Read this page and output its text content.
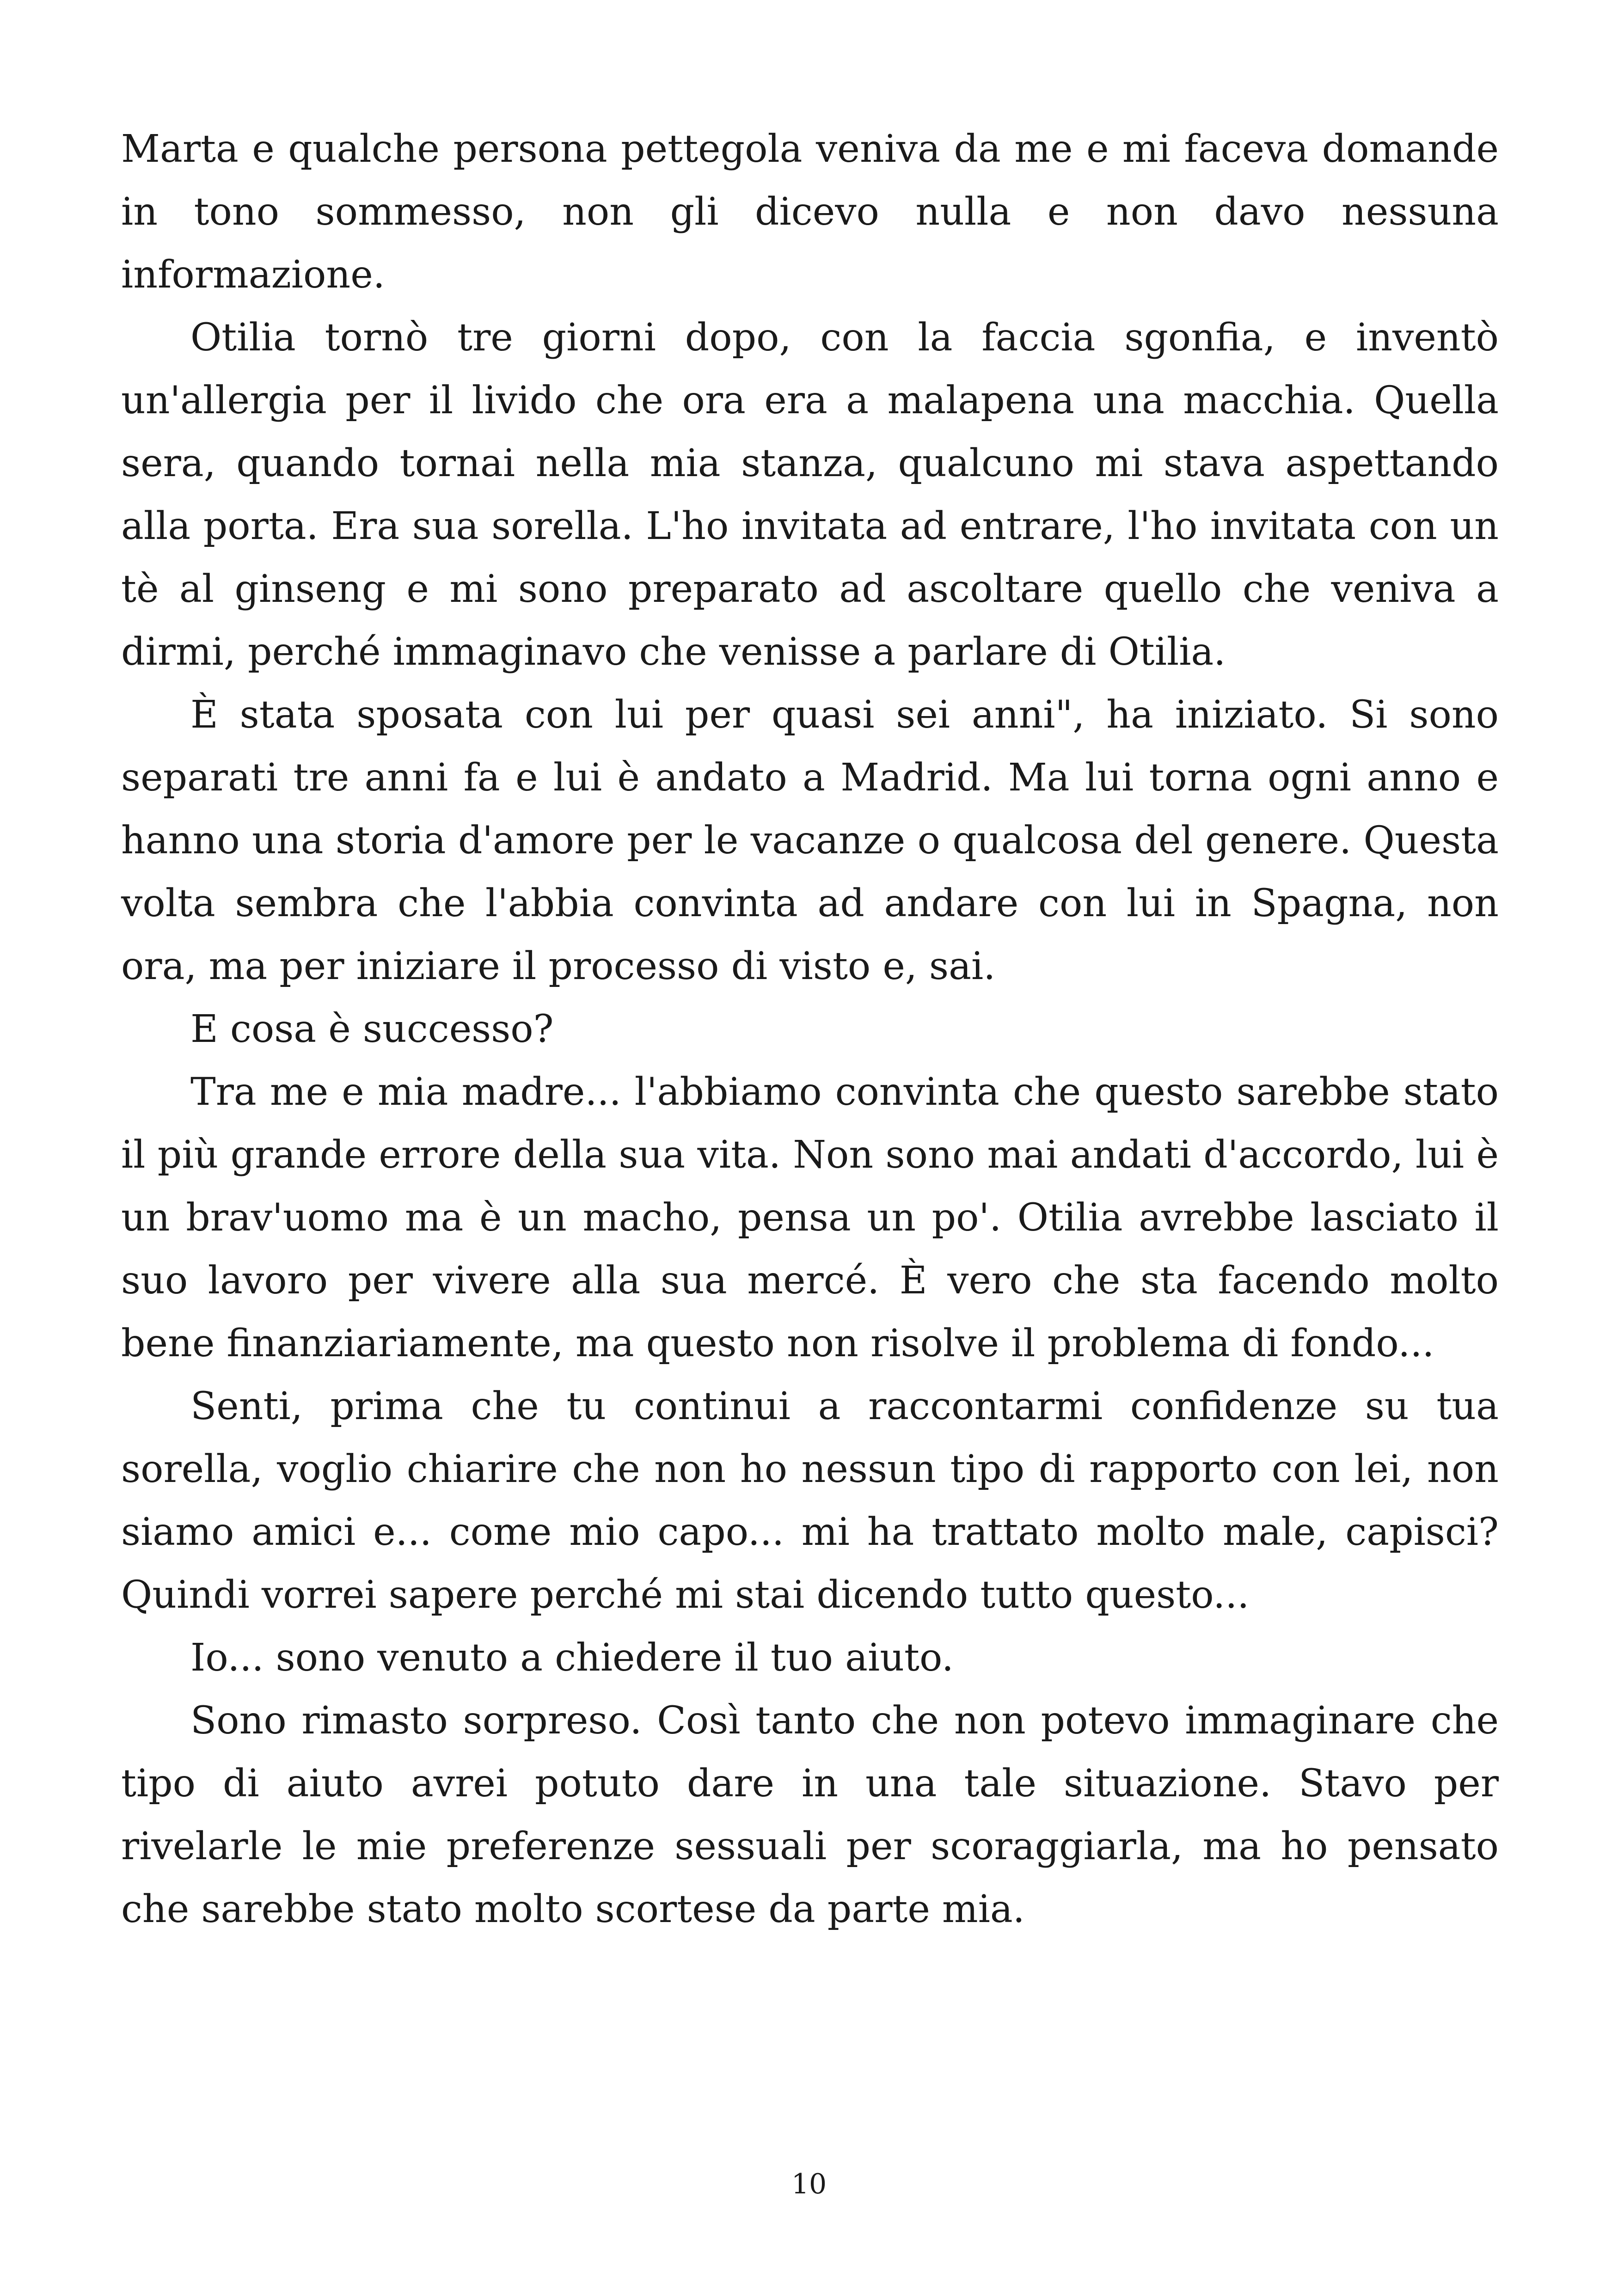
Marta e qualche persona pettegola veniva da me e mi faceva domande in tono sommesso, non gli dicevo nulla e non davo nessuna informazione.

Otilia tornò tre giorni dopo, con la faccia sgonfia, e inventò un'allergia per il livido che ora era a malapena una macchia. Quella sera, quando tornai nella mia stanza, qualcuno mi stava aspettando alla porta. Era sua sorella. L'ho invitata ad entrare, l'ho invitata con un tè al ginseng e mi sono preparato ad ascoltare quello che veniva a dirmi, perché immaginavo che venisse a parlare di Otilia.

È stata sposata con lui per quasi sei anni", ha iniziato. Si sono separati tre anni fa e lui è andato a Madrid. Ma lui torna ogni anno e hanno una storia d'amore per le vacanze o qualcosa del genere. Questa volta sembra che l'abbia convinta ad andare con lui in Spagna, non ora, ma per iniziare il processo di visto e, sai.

E cosa è successo?

Tra me e mia madre... l'abbiamo convinta che questo sarebbe stato il più grande errore della sua vita. Non sono mai andati d'accordo, lui è un brav'uomo ma è un macho, pensa un po'. Otilia avrebbe lasciato il suo lavoro per vivere alla sua mercé. È vero che sta facendo molto bene finanziariamente, ma questo non risolve il problema di fondo...

Senti, prima che tu continui a raccontarmi confidenze su tua sorella, voglio chiarire che non ho nessun tipo di rapporto con lei, non siamo amici e... come mio capo... mi ha trattato molto male, capisci? Quindi vorrei sapere perché mi stai dicendo tutto questo...

Io... sono venuto a chiedere il tuo aiuto.

Sono rimasto sorpreso. Così tanto che non potevo immaginare che tipo di aiuto avrei potuto dare in una tale situazione. Stavo per rivelarle le mie preferenze sessuali per scoraggiarla, ma ho pensato che sarebbe stato molto scortese da parte mia.

10
